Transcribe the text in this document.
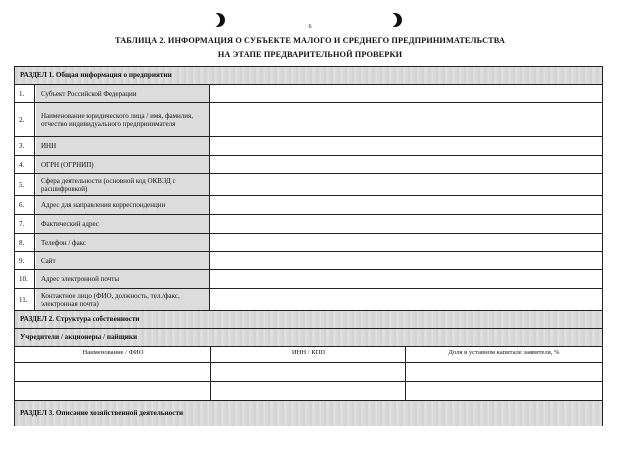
6
ТАБЛИЦА 2. ИНФОРМАЦИЯ О СУБЪЕКТЕ МАЛОГО И СРЕДНЕГО ПРЕДПРИНИМАТЕЛЬСТВА
НА ЭТАПЕ ПРЕДВАРИТЕЛЬНОЙ ПРОВЕРКИ
РАЗДЕЛ 1. Общая информация о предприятии
1.	Субъект Российской Федерации
2.	Наименование юридического лица / имя, фамилия, отчество индивидуального предпринимателя
3.	ИНН
4.	ОГРН (ОГРНИП)
5.	Сфера деятельности (основной код ОКВЭД с расшифровкой)
6.	Адрес для направления корреспонденции
7.	Фактический адрес
8.	Телефон / факс
9.	Сайт
10.	Адрес электронной почты
11.	Контактное лицо (ФИО, должность, тел./факс, электронная почта)
РАЗДЕЛ 2. Структура собственности
Учредители / акционеры / пайщики
Наименование / ФИО	ИНН / КПП	Доля в уставном капитале заявителя, %
РАЗДЕЛ 3. Описание хозяйственной деятельности
